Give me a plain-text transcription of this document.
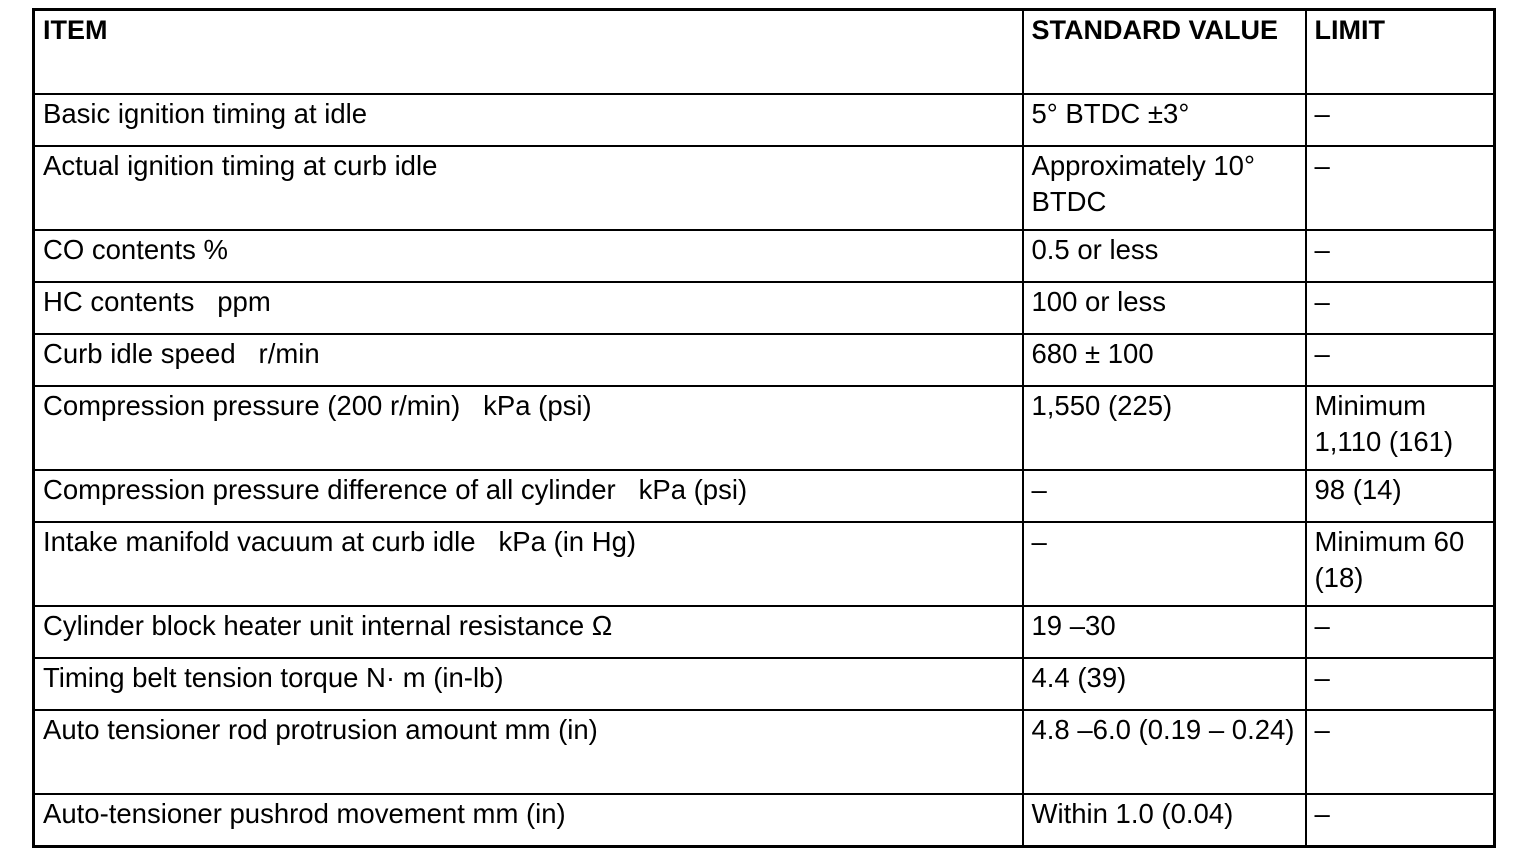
ITEM	STANDARD VALUE	LIMIT
Basic ignition timing at idle	5° BTDC ±3°	–
Actual ignition timing at curb idle	Approximately 10° BTDC	–
CO contents %	0.5 or less	–
HC contents   ppm	100 or less	–
Curb idle speed   r/min	680 ± 100	–
Compression pressure (200 r/min)   kPa (psi)	1,550 (225)	Minimum 1,110 (161)
Compression pressure difference of all cylinder   kPa (psi)	–	98 (14)
Intake manifold vacuum at curb idle   kPa (in Hg)	–	Minimum 60 (18)
Cylinder block heater unit internal resistance Ω	19 –30	–
Timing belt tension torque N· m (in-lb)	4.4 (39)	–
Auto tensioner rod protrusion amount mm (in)	4.8 –6.0 (0.19 – 0.24)	–
Auto-tensioner pushrod movement mm (in)	Within 1.0 (0.04)	–
